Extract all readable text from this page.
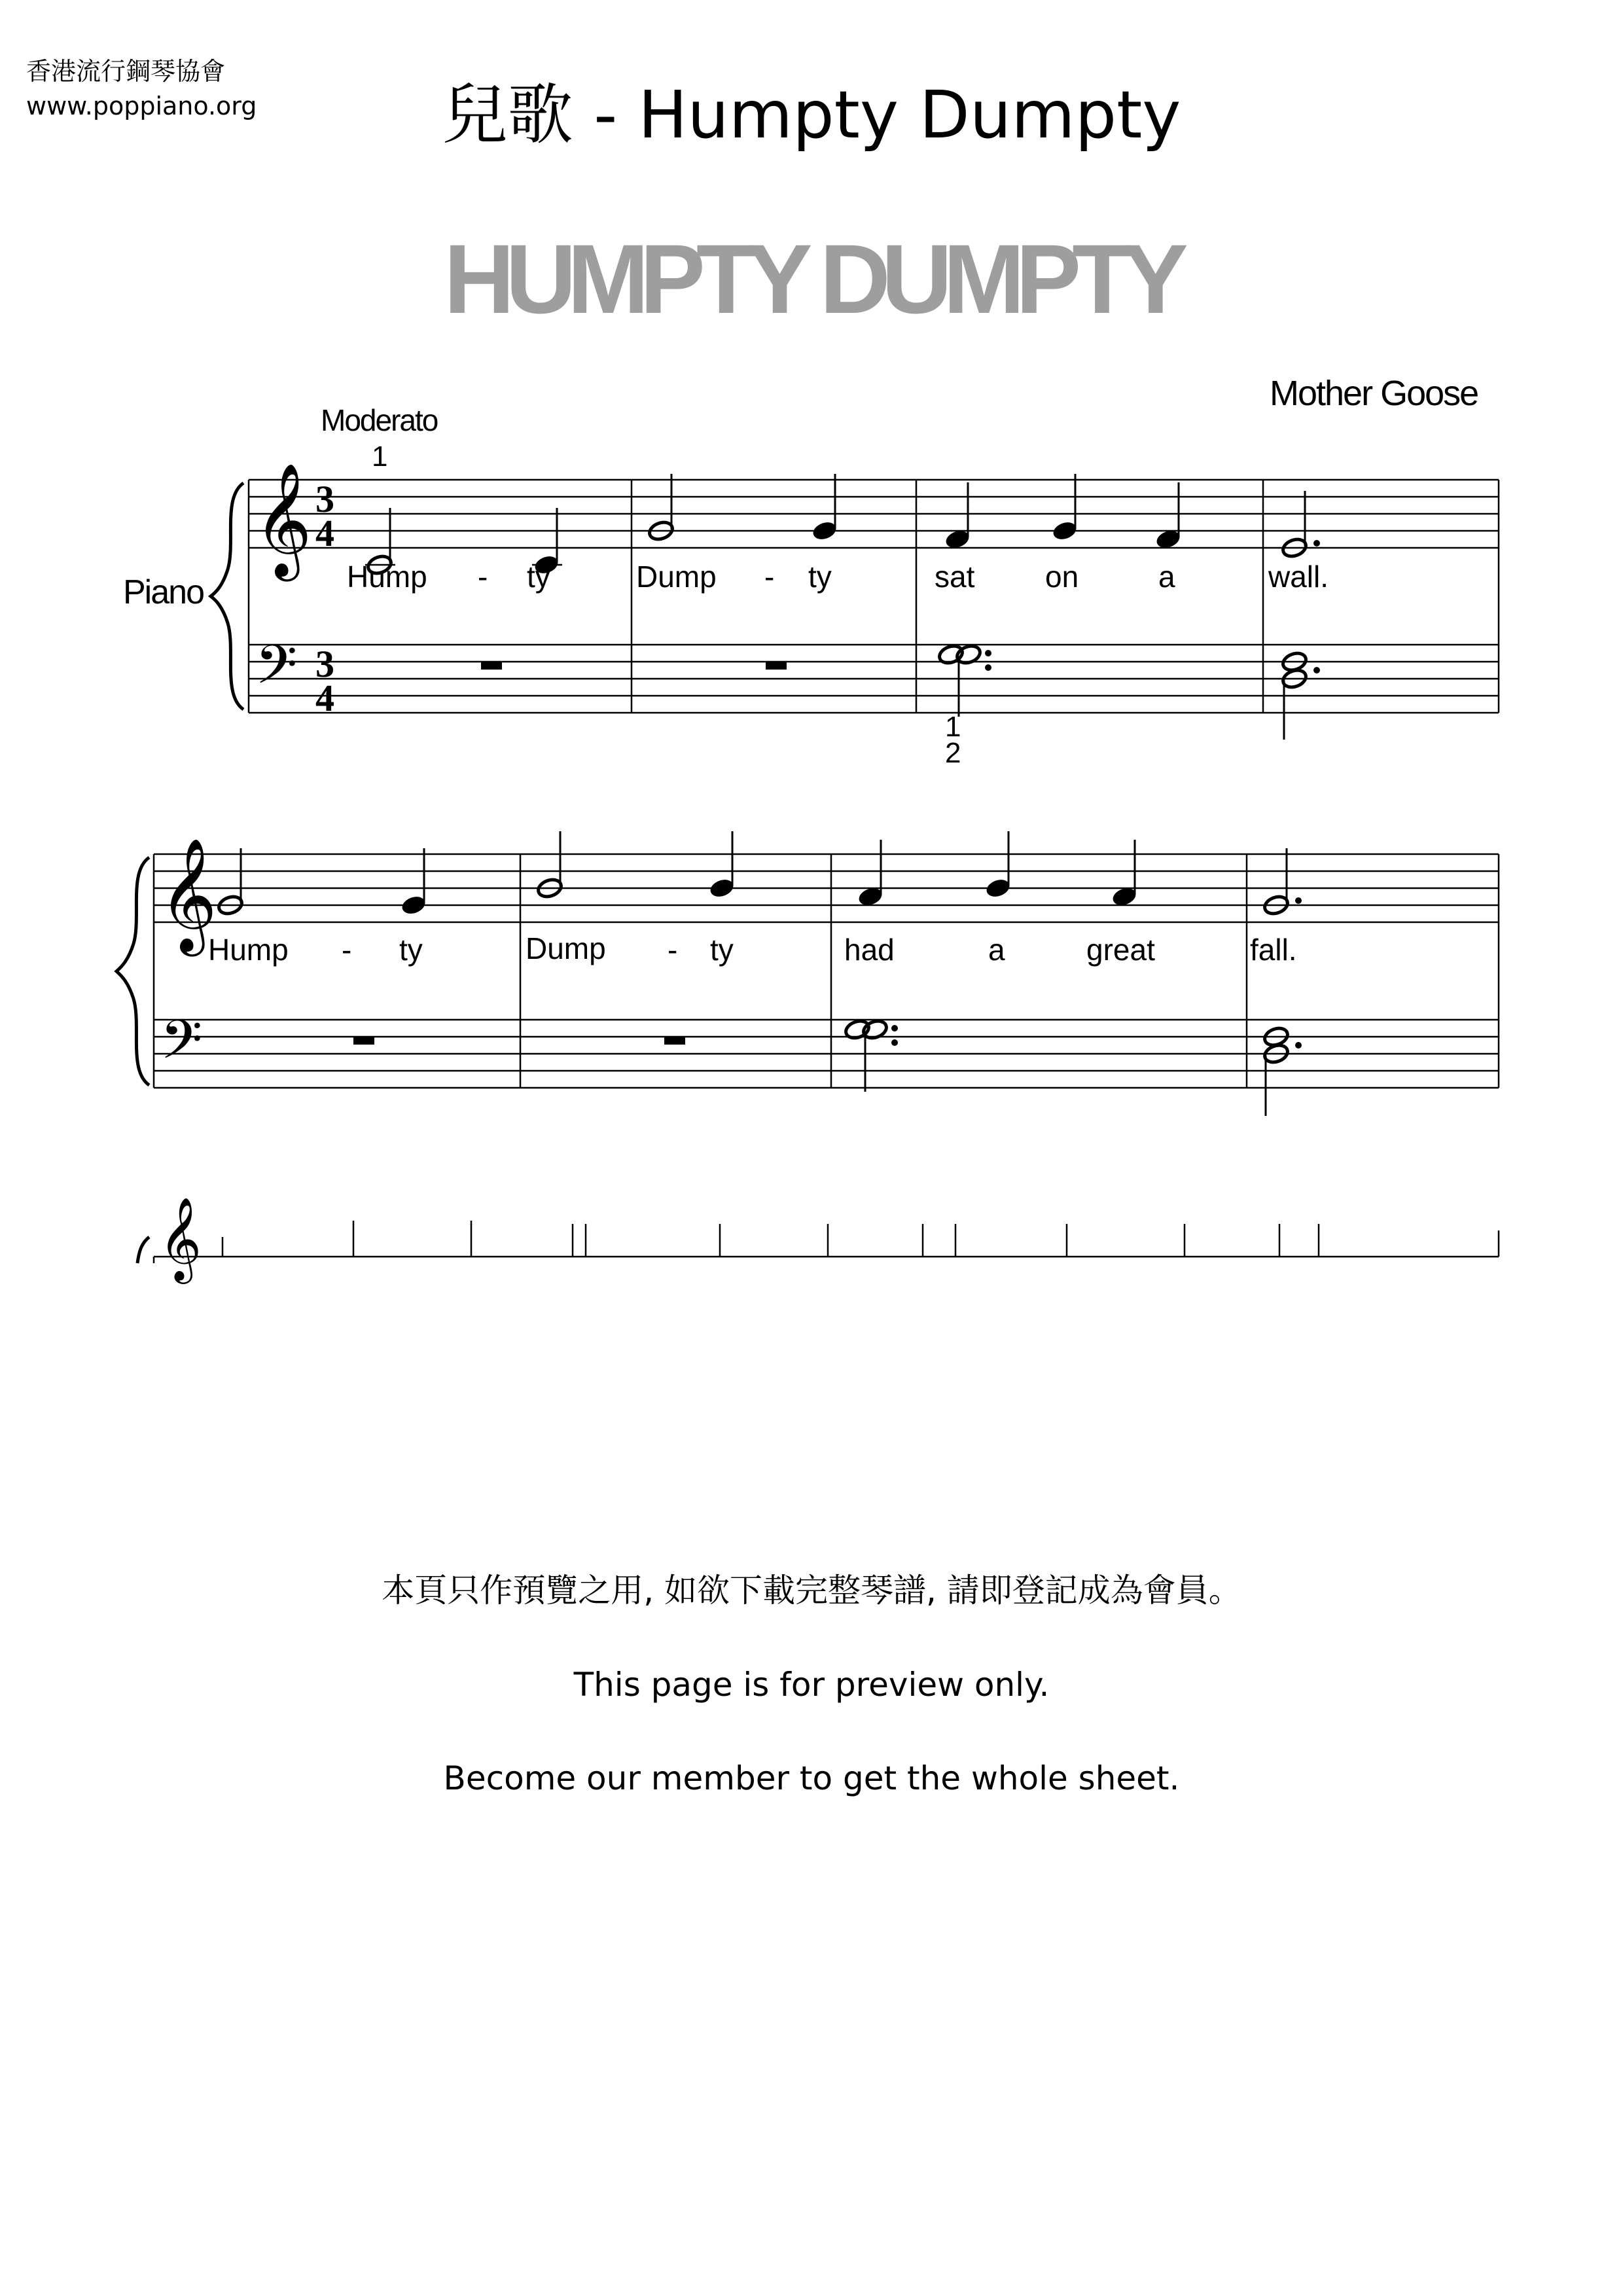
香港流行鋼琴協會
www.poppiano.org	兒歌 - Humpty Dumpty
HUMPTY DUMPTY
Mother Goose
Moderato
Piano
𝄞
𝄢
𝄞
𝄢
𝄞
3
4
3
4
1
1
2
Hump - ty	Dump - ty	sat on	a	wall.
Hump - ty	Dump - ty	had	a	great	fall.
本頁只作預覽之用, 如欲下載完整琴譜, 請即登記成為會員。
This page is for preview only.
Become our member to get the whole sheet.
